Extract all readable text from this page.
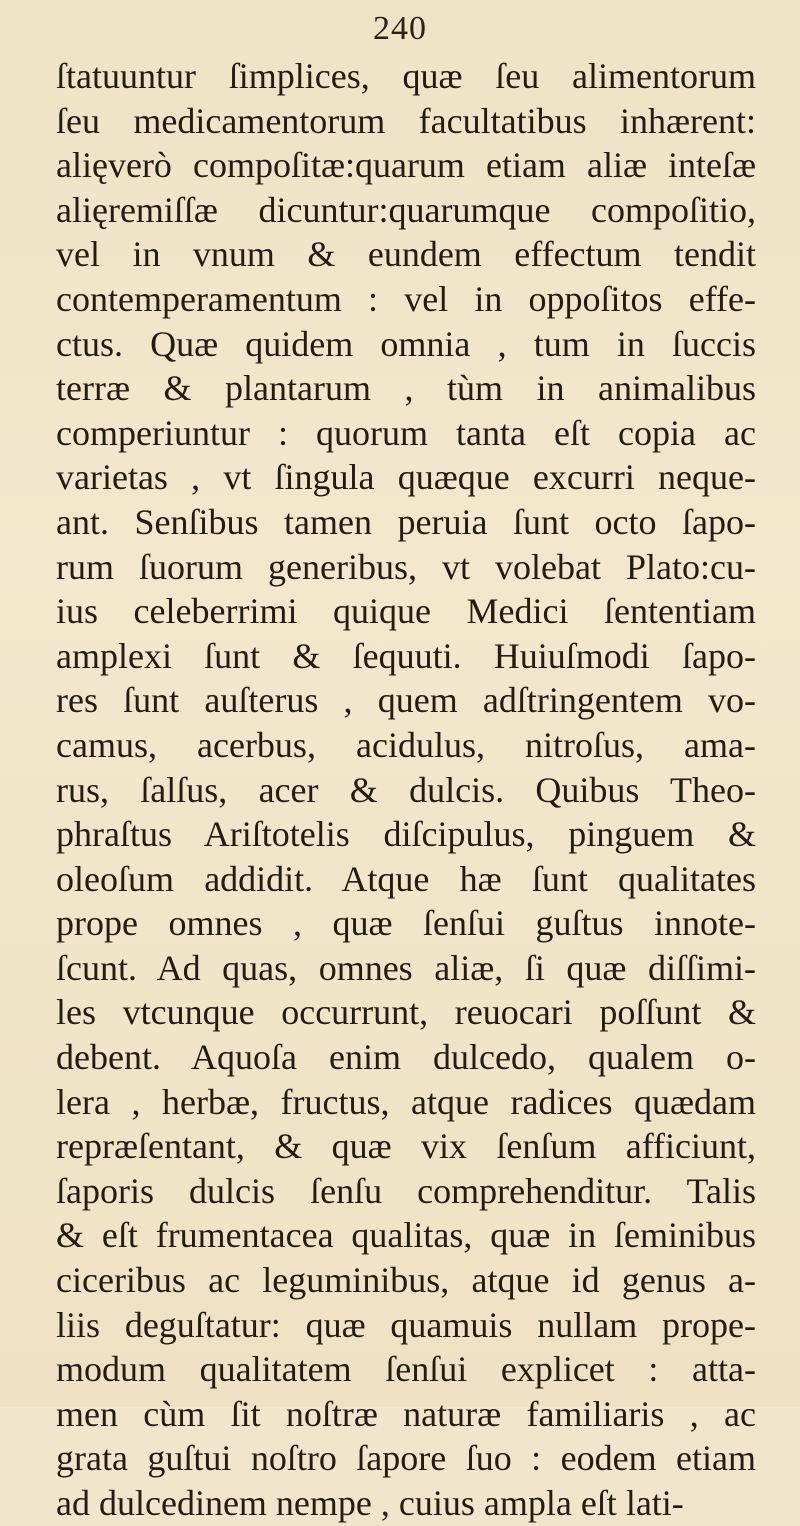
240
ſtatuuntur ſimplices, quæ ſeu alimentorum
ſeu medicamentorum facultatibus inhærent:
alięverò compoſitæ:quarum etiam aliæ inteſæ
alięremiſſæ dicuntur:quarumque compoſitio,
vel in vnum & eundem effectum tendit
contemperamentum : vel in oppoſitos effe-
ctus. Quæ quidem omnia , tum in ſuccis
terræ & plantarum , tùm in animalibus
comperiuntur : quorum tanta eſt copia ac
varietas , vt ſingula quæque excurri neque-
ant. Senſibus tamen peruia ſunt octo ſapo-
rum ſuorum generibus, vt volebat Plato:cu-
ius celeberrimi quique Medici ſententiam
amplexi ſunt & ſequuti. Huiuſmodi ſapo-
res ſunt auſterus , quem adſtringentem vo-
camus, acerbus, acidulus, nitroſus, ama-
rus, ſalſus, acer & dulcis. Quibus Theo-
phraſtus Ariſtotelis diſcipulus, pinguem &
oleoſum addidit. Atque hæ ſunt qualitates
prope omnes , quæ ſenſui guſtus innote-
ſcunt. Ad quas, omnes aliæ, ſi quæ diſſimi-
les vtcunque occurrunt, reuocari poſſunt &
debent. Aquoſa enim dulcedo, qualem o-
lera , herbæ, fructus, atque radices quædam
repræſentant, & quæ vix ſenſum afficiunt,
ſaporis dulcis ſenſu comprehenditur. Talis
& eſt frumentacea qualitas, quæ in ſeminibus
ciceribus ac leguminibus, atque id genus a-
liis deguſtatur: quæ quamuis nullam prope-
modum qualitatem ſenſui explicet : atta-
men cùm ſit noſtræ naturæ familiaris , ac
grata guſtui noſtro ſapore ſuo : eodem etiam
ad dulcedinem nempe , cuius ampla eſt lati-
